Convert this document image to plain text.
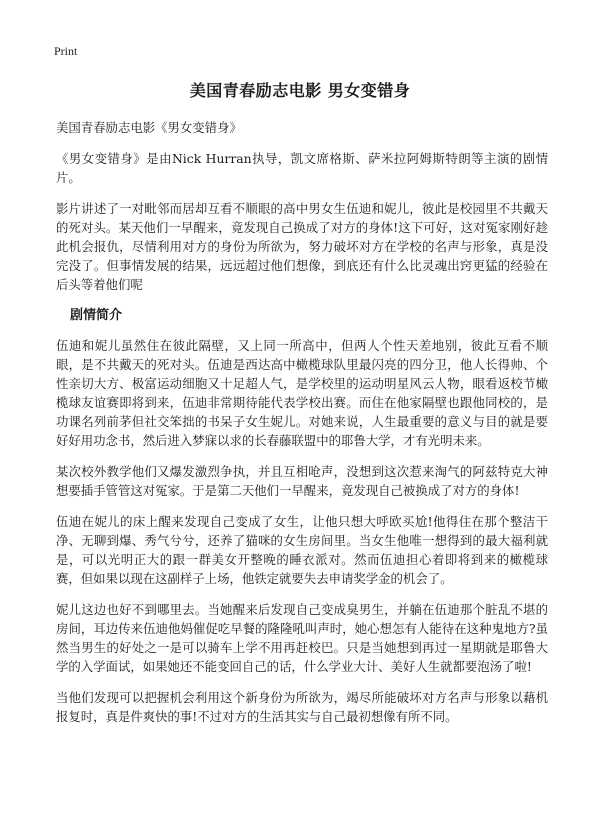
Print
美国青春励志电影 男女变错身

美国青春励志电影《男女变错身》

《男女变错身》是由Nick Hurran执导，凯文席格斯、萨米拉阿姆斯特朗等主演的剧情片。

影片讲述了一对毗邻而居却互看不顺眼的高中男女生伍迪和妮儿，彼此是校园里不共戴天的死对头。某天他们一早醒来，竟发现自己换成了对方的身体!这下可好，这对冤家刚好趁此机会报仇，尽情利用对方的身份为所欲为，努力破坏对方在学校的名声与形象，真是没完没了。但事情发展的结果，远远超过他们想像，到底还有什么比灵魂出窍更猛的经验在后头等着他们呢

剧情简介

伍迪和妮儿虽然住在彼此隔壁，又上同一所高中，但两人个性天差地别，彼此互看不顺眼，是不共戴天的死对头。伍迪是西达高中橄榄球队里最闪亮的四分卫，他人长得帅、个性亲切大方、极富运动细胞又十足超人气，是学校里的运动明星风云人物，眼看返校节橄榄球友谊赛即将到来，伍迪非常期待能代表学校出赛。而住在他家隔壁也跟他同校的，是功课名列前茅但社交笨拙的书呆子女生妮儿。对她来说，人生最重要的意义与目的就是要好好用功念书，然后进入梦寐以求的长春藤联盟中的耶鲁大学，才有光明未来。

某次校外教学他们又爆发激烈争执，并且互相呛声，没想到这次惹来淘气的阿兹特克大神想要插手管管这对冤家。于是第二天他们一早醒来，竟发现自己被换成了对方的身体!

伍迪在妮儿的床上醒来发现自己变成了女生，让他只想大呼欧买尬!他得住在那个整洁干净、无聊到爆、秀气兮兮，还养了猫咪的女生房间里。当女生他唯一想得到的最大福利就是，可以光明正大的跟一群美女开整晚的睡衣派对。然而伍迪担心着即将到来的橄榄球赛，但如果以现在这副样子上场，他铁定就要失去申请奖学金的机会了。

妮儿这边也好不到哪里去。当她醒来后发现自己变成臭男生，并躺在伍迪那个脏乱不堪的房间，耳边传来伍迪他妈催促吃早餐的隆隆吼叫声时，她心想怎有人能待在这种鬼地方?虽然当男生的好处之一是可以骑车上学不用再赶校巴。只是当她想到再过一星期就是耶鲁大学的入学面试，如果她还不能变回自己的话，什么学业大计、美好人生就都要泡汤了啦!

当他们发现可以把握机会利用这个新身份为所欲为，竭尽所能破坏对方名声与形象以藉机报复时，真是件爽快的事!不过对方的生活其实与自己最初想像有所不同。
